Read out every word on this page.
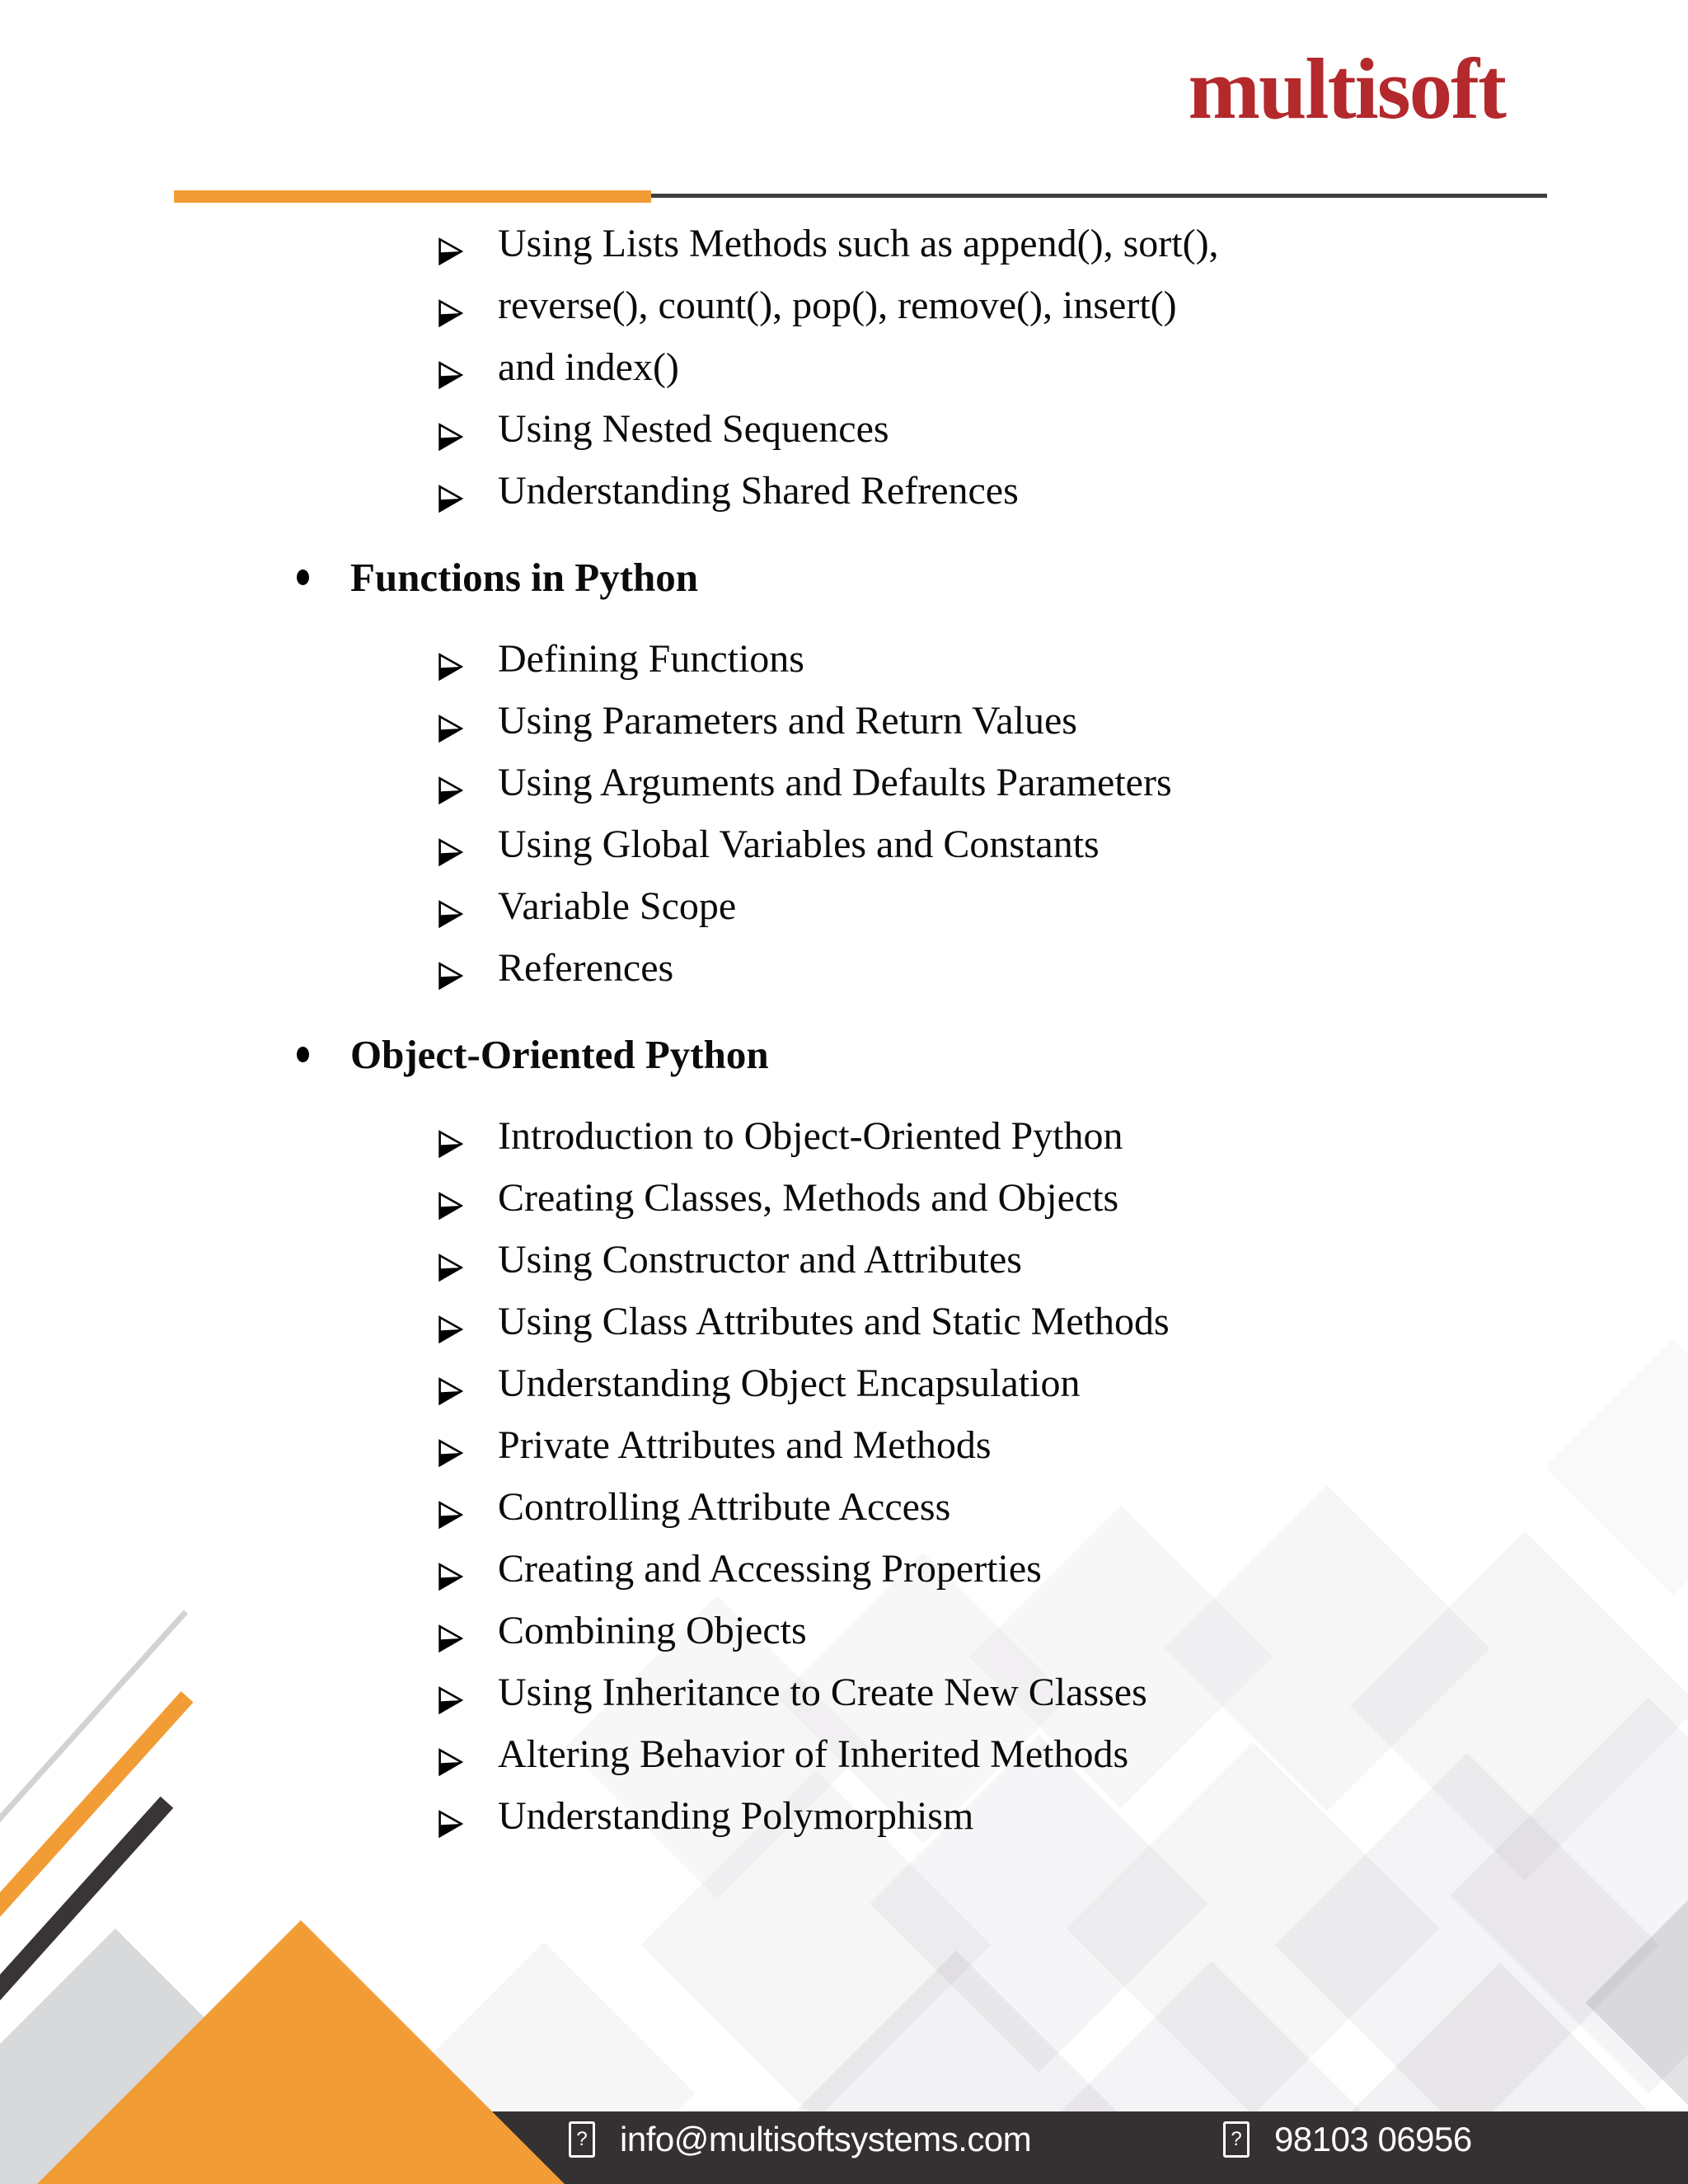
multisoft
Using Lists Methods such as append(), sort(),
reverse(), count(), pop(), remove(), insert()
and index()
Using Nested Sequences
Understanding Shared Refrences
Functions in Python
Defining Functions
Using Parameters and Return Values
Using Arguments and Defaults Parameters
Using Global Variables and Constants
Variable Scope
References
Object-Oriented Python
Introduction to Object-Oriented Python
Creating Classes, Methods and Objects
Using Constructor and Attributes
Using Class Attributes and Static Methods
Understanding Object Encapsulation
Private Attributes and Methods
Controlling Attribute Access
Creating and Accessing Properties
Combining Objects
Using Inheritance to Create New Classes
Altering Behavior of Inherited Methods
Understanding Polymorphism
? info@multisoftsystems.com	? 98103 06956
